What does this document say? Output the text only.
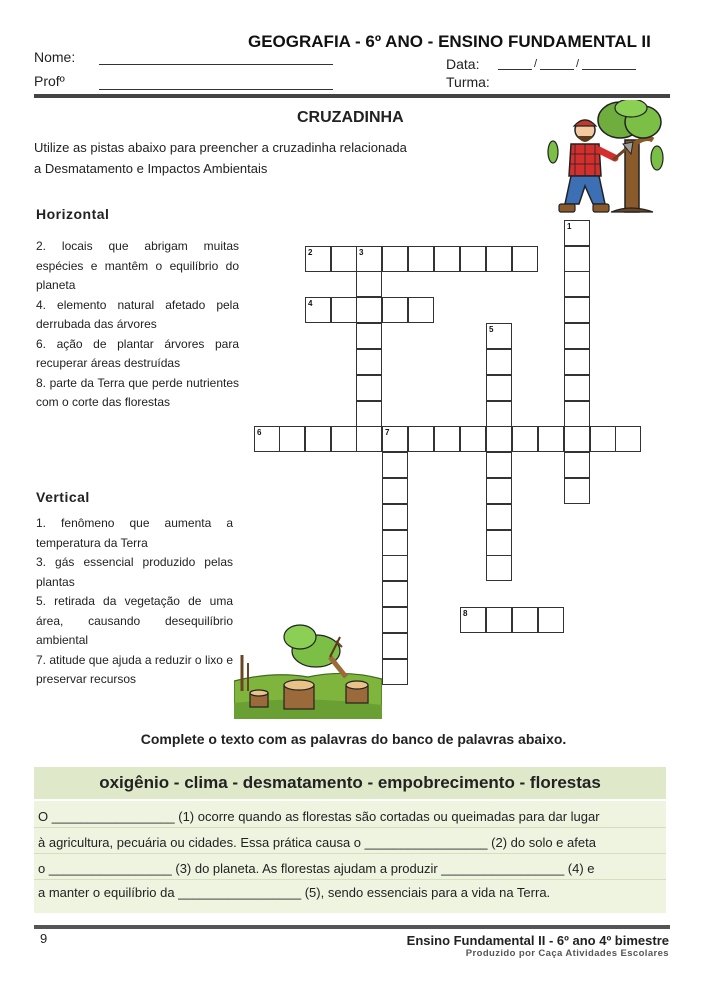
GEOGRAFIA - 6º ANO - ENSINO FUNDAMENTAL II
Nome:
Profº
Data:	/	/
Turma:
CRUZADINHA
Utilize as pistas abaixo para preencher a cruzadinha relacionada
a Desmatamento e Impactos Ambientais
Horizontal

2. locais que abrigam muitas espécies e mantêm o equilíbrio do planeta

4. elemento natural afetado pela derrubada das árvores

6. ação de plantar árvores para recuperar áreas destruídas

8. parte da Terra que perde nutrientes com o corte das florestas

Vertical

1. fenômeno que aumenta a temperatura da Terra

3. gás essencial produzido pelas plantas

5. retirada da vegetação de uma área, causando desequilíbrio ambiental

7. atitude que ajuda a reduzir o lixo e preservar recursos

1
2	3
4
5
6	7
8
Complete o texto com as palavras do banco de palavras abaixo.
oxigênio - clima - desmatamento - empobrecimento - florestas
O _________________ (1) ocorre quando as florestas são cortadas ou queimadas para dar lugar
à agricultura, pecuária ou cidades. Essa prática causa o _________________ (2) do solo e afeta
o _________________ (3) do planeta. As florestas ajudam a produzir _________________ (4) e
a manter o equilíbrio da _________________ (5), sendo essenciais para a vida na Terra.
9	Ensino Fundamental II - 6º ano 4º bimestre
Produzido por Caça Atividades Escolares
